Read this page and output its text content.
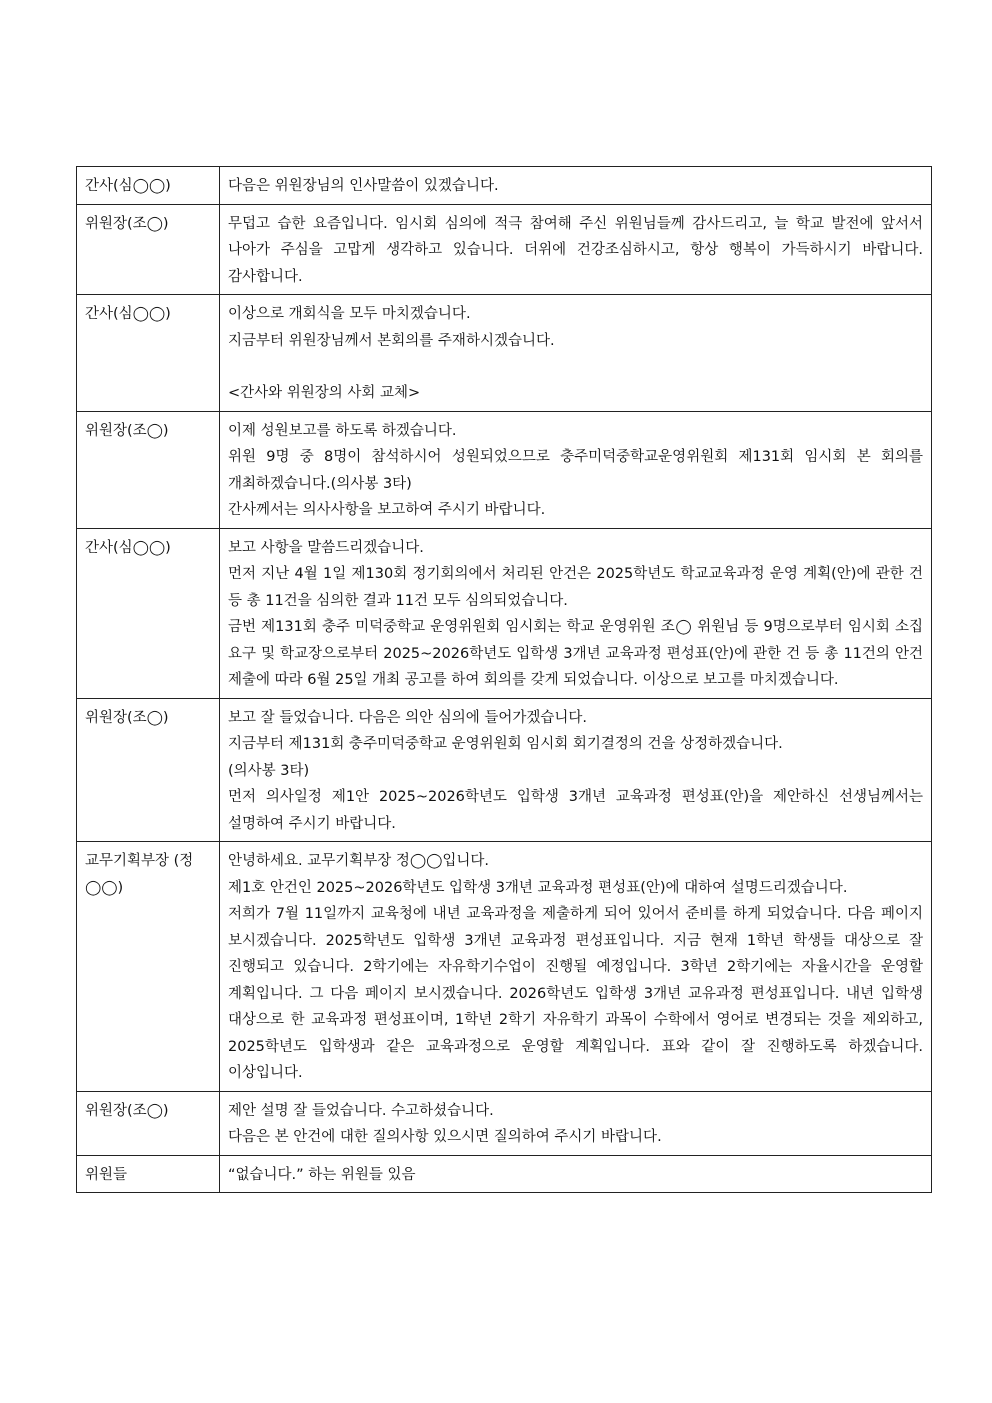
간사(심◯◯)	다음은 위원장님의 인사말씀이 있겠습니다.

위원장(조◯)	무덥고 습한 요즘입니다. 임시회 심의에 적극 참여해 주신 위원님들께 감사드리고, 늘 학교 발전에 앞서서 나아가 주심을 고맙게 생각하고 있습니다. 더위에 건강조심하시고, 항상 행복이 가득하시기 바랍니다. 감사합니다.

간사(심◯◯)	이상으로 개회식을 모두 마치겠습니다.
지금부터 위원장님께서 본회의를 주재하시겠습니다.
<간사와 위원장의 사회 교체>

위원장(조◯)	이제 성원보고를 하도록 하겠습니다.
위원 9명 중 8명이 참석하시어 성원되었으므로 충주미덕중학교운영위원회 제131회 임시회 본 회의를 개최하겠습니다.(의사봉 3타)
간사께서는 의사사항을 보고하여 주시기 바랍니다.

간사(심◯◯)	보고 사항을 말씀드리겠습니다.
먼저 지난 4월 1일 제130회 정기회의에서 처리된 안건은 2025학년도 학교교육과정 운영 계획(안)에 관한 건 등 총 11건을 심의한 결과 11건 모두 심의되었습니다.
금번 제131회 충주 미덕중학교 운영위원회 임시회는 학교 운영위원 조◯ 위원님 등 9명으로부터 임시회 소집 요구 및 학교장으로부터 2025~2026학년도 입학생 3개년 교육과정 편성표(안)에 관한 건 등 총 11건의 안건 제출에 따라 6월 25일 개최 공고를 하여 회의를 갖게 되었습니다. 이상으로 보고를 마치겠습니다.

위원장(조◯)	보고 잘 들었습니다. 다음은 의안 심의에 들어가겠습니다.
지금부터 제131회 충주미덕중학교 운영위원회 임시회 회기결정의 건을 상정하겠습니다.
(의사봉 3타)
먼저 의사일정 제1안 2025~2026학년도 입학생 3개년 교육과정 편성표(안)을 제안하신 선생님께서는 설명하여 주시기 바랍니다.

교무기획부장 (정◯◯)	안녕하세요. 교무기획부장 정◯◯입니다.
제1호 안건인 2025~2026학년도 입학생 3개년 교육과정 편성표(안)에 대하여 설명드리겠습니다.
저희가 7월 11일까지 교육청에 내년 교육과정을 제출하게 되어 있어서 준비를 하게 되었습니다. 다음 페이지 보시겠습니다. 2025학년도 입학생 3개년 교육과정 편성표입니다. 지금 현재 1학년 학생들 대상으로 잘 진행되고 있습니다. 2학기에는 자유학기수업이 진행될 예정입니다. 3학년 2학기에는 자율시간을 운영할 계획입니다. 그 다음 페이지 보시겠습니다. 2026학년도 입학생 3개년 교유과정 편성표입니다. 내년 입학생 대상으로 한 교육과정 편성표이며, 1학년 2학기 자유학기 과목이 수학에서 영어로 변경되는 것을 제외하고, 2025학년도 입학생과 같은 교육과정으로 운영할 계획입니다. 표와 같이 잘 진행하도록 하겠습니다. 이상입니다.

위원장(조◯)	제안 설명 잘 들었습니다. 수고하셨습니다.
다음은 본 안건에 대한 질의사항 있으시면 질의하여 주시기 바랍니다.

위원들	“없습니다.” 하는 위원들 있음
